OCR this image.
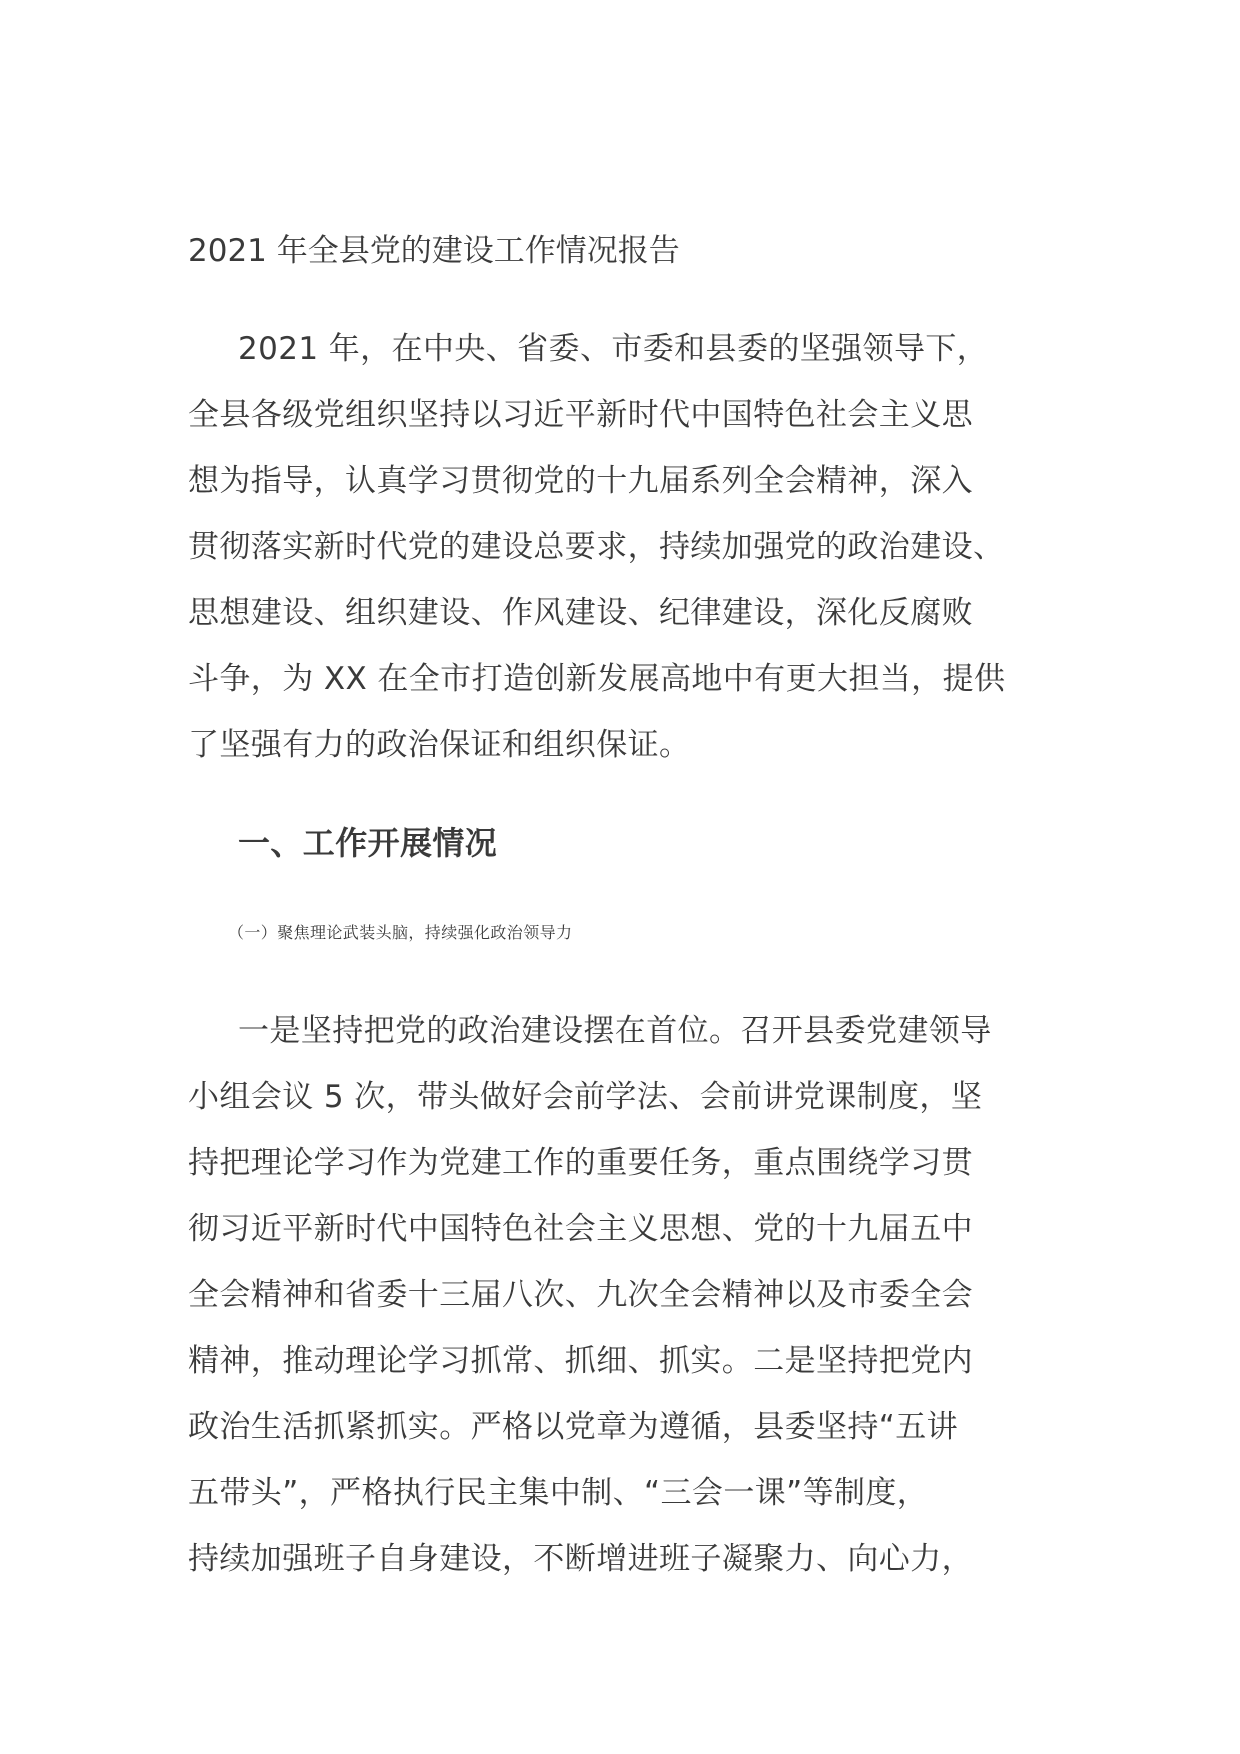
2021 年全县党的建设工作情况报告
2021 年，在中央、省委、市委和县委的坚强领导下，
全县各级党组织坚持以习近平新时代中国特色社会主义思
想为指导，认真学习贯彻党的十九届系列全会精神，深入
贯彻落实新时代党的建设总要求，持续加强党的政治建设、
思想建设、组织建设、作风建设、纪律建设，深化反腐败
斗争，为 XX 在全市打造创新发展高地中有更大担当，提供
了坚强有力的政治保证和组织保证。
一、工作开展情况
（一）聚焦理论武装头脑，持续强化政治领导力
一是坚持把党的政治建设摆在首位。召开县委党建领导
小组会议 5 次，带头做好会前学法、会前讲党课制度，坚
持把理论学习作为党建工作的重要任务，重点围绕学习贯
彻习近平新时代中国特色社会主义思想、党的十九届五中
全会精神和省委十三届八次、九次全会精神以及市委全会
精神，推动理论学习抓常、抓细、抓实。二是坚持把党内
政治生活抓紧抓实。严格以党章为遵循，县委坚持“五讲
五带头”，严格执行民主集中制、“三会一课”等制度，
持续加强班子自身建设，不断增进班子凝聚力、向心力，
